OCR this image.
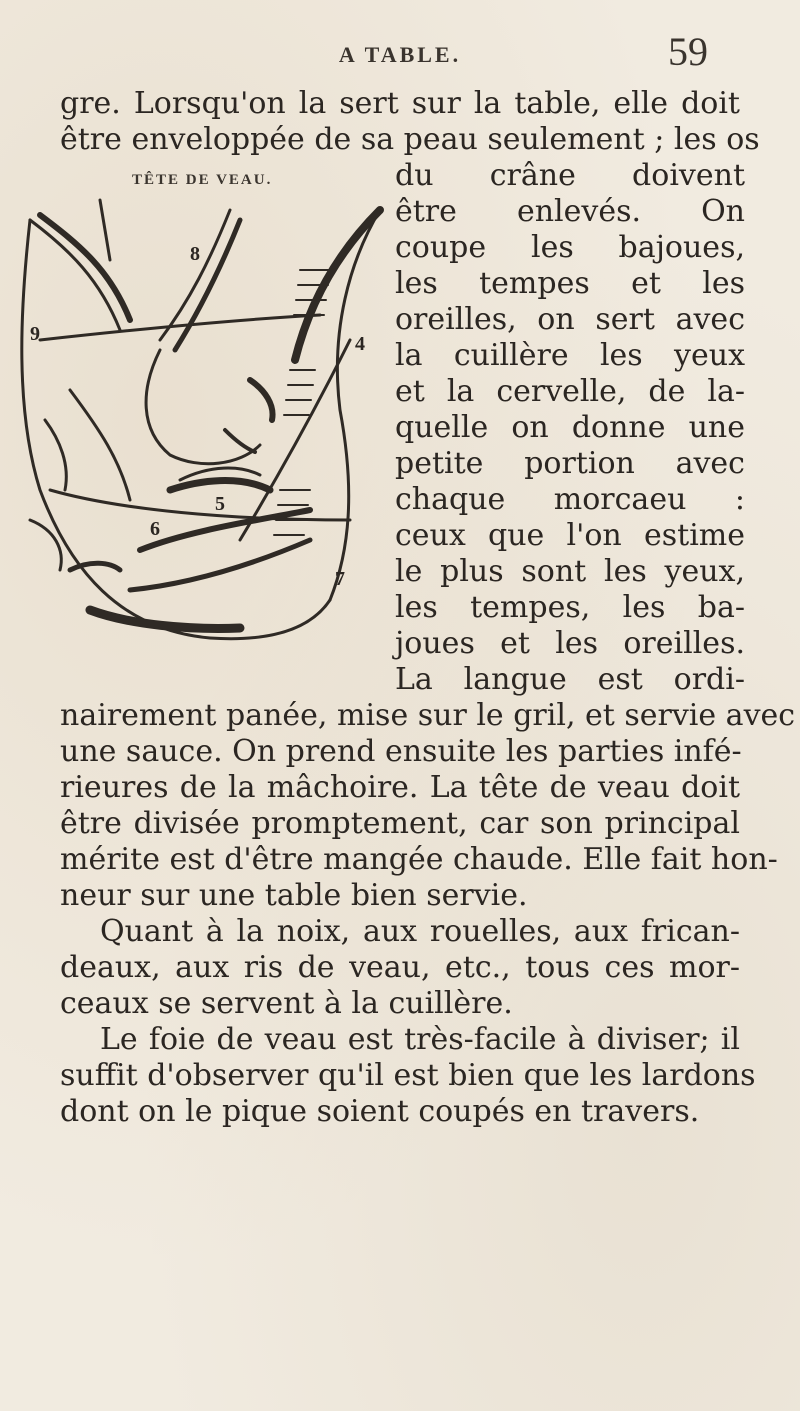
A TABLE.	59
gre. Lorsqu'on la sert sur la table, elle doit
être enveloppée de sa peau seulement ; les os
TÊTE DE VEAU.
8
4
5
6
7
9
du crâne doivent
être enlevés. On
coupe les bajoues,
les tempes et les
oreilles, on sert avec
la cuillère les yeux
et la cervelle, de la-
quelle on donne une
petite portion avec
chaque morcaeu :
ceux que l'on estime
le plus sont les yeux,
les tempes, les ba-
joues et les oreilles.
La langue est ordi-
nairement panée, mise sur le gril, et servie avec
une sauce. On prend ensuite les parties infé-
rieures de la mâchoire. La tête de veau doit
être divisée promptement, car son principal
mérite est d'être mangée chaude. Elle fait hon-
neur sur une table bien servie.
Quant à la noix, aux rouelles, aux frican-
deaux, aux ris de veau, etc., tous ces mor-
ceaux se servent à la cuillère.
Le foie de veau est très-facile à diviser; il
suffit d'observer qu'il est bien que les lardons
dont on le pique soient coupés en travers.
